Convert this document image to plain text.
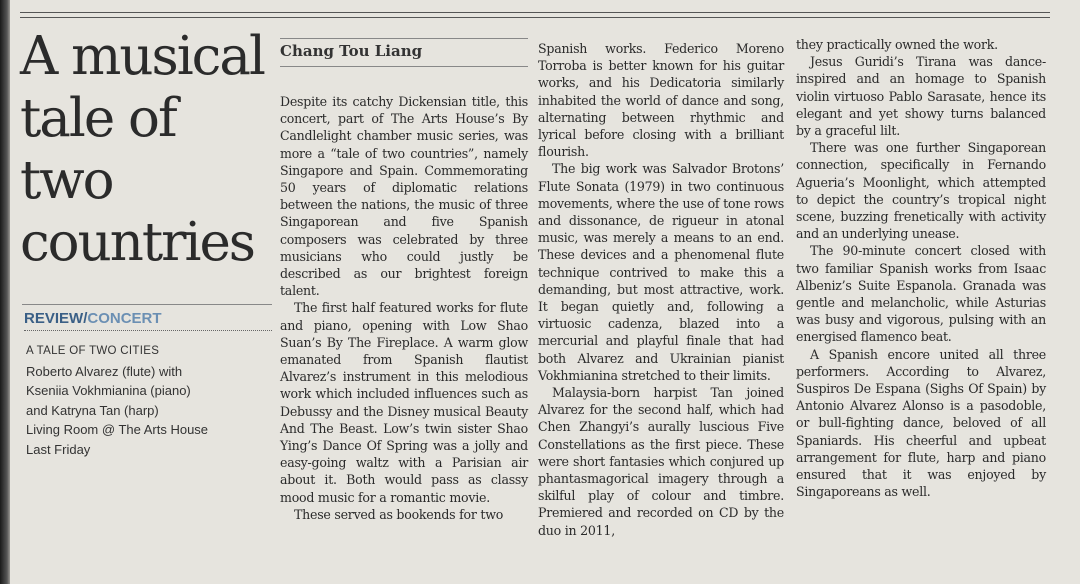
A musical tale of two countries
REVIEW/CONCERT
A TALE OF TWO CITIES
Roberto Alvarez (flute) with
Kseniia Vokhmianina (piano)
and Katryna Tan (harp)
Living Room @ The Arts House
Last Friday
Chang Tou Liang

Despite its catchy Dickensian title, this concert, part of The Arts House’s By Candlelight chamber music series, was more a “tale of two countries”, namely Singapore and Spain. Commemorating 50 years of diplomatic relations between the nations, the music of three Singaporean and five Spanish composers was celebrated by three musicians who could justly be described as our brightest foreign talent.

The first half featured works for flute and piano, opening with Low Shao Suan’s By The Fireplace. A warm glow emanated from Spanish flautist Alvarez’s instrument in this melodious work which included influences such as Debussy and the Disney musical Beauty And The Beast. Low’s twin sister Shao Ying’s Dance Of Spring was a jolly and easy-going waltz with a Parisian air about it. Both would pass as classy mood music for a romantic movie.

These served as bookends for two

Spanish works. Federico Moreno Torroba is better known for his guitar works, and his Dedicatoria similarly inhabited the world of dance and song, alternating between rhythmic and lyrical before closing with a brilliant flourish.

The big work was Salvador Brotons’ Flute Sonata (1979) in two continuous movements, where the use of tone rows and dissonance, de rigueur in atonal music, was merely a means to an end. These devices and a phenomenal flute technique contrived to make this a demanding, but most attractive, work. It began quietly and, following a virtuosic cadenza, blazed into a mercurial and playful finale that had both Alvarez and Ukrainian pianist Vokhmianina stretched to their limits.

Malaysia-born harpist Tan joined Alvarez for the second half, which had Chen Zhangyi’s aurally luscious Five Constellations as the first piece. These were short fantasies which conjured up phantasmagorical imagery through a skilful play of colour and timbre. Premiered and recorded on CD by the duo in 2011,

they practically owned the work.

Jesus Guridi’s Tirana was dance-inspired and an homage to Spanish violin virtuoso Pablo Sarasate, hence its elegant and yet showy turns balanced by a graceful lilt.

There was one further Singaporean connection, specifically in Fernando Agueria’s Moonlight, which attempted to depict the country’s tropical night scene, buzzing frenetically with activity and an underlying unease.

The 90-minute concert closed with two familiar Spanish works from Isaac Albeniz’s Suite Espanola. Granada was gentle and melancholic, while Asturias was busy and vigorous, pulsing with an energised flamenco beat.

A Spanish encore united all three performers. According to Alvarez, Suspiros De Espana (Sighs Of Spain) by Antonio Alvarez Alonso is a pasodoble, or bull-fighting dance, beloved of all Spaniards. His cheerful and upbeat arrangement for flute, harp and piano ensured that it was enjoyed by Singaporeans as well.
